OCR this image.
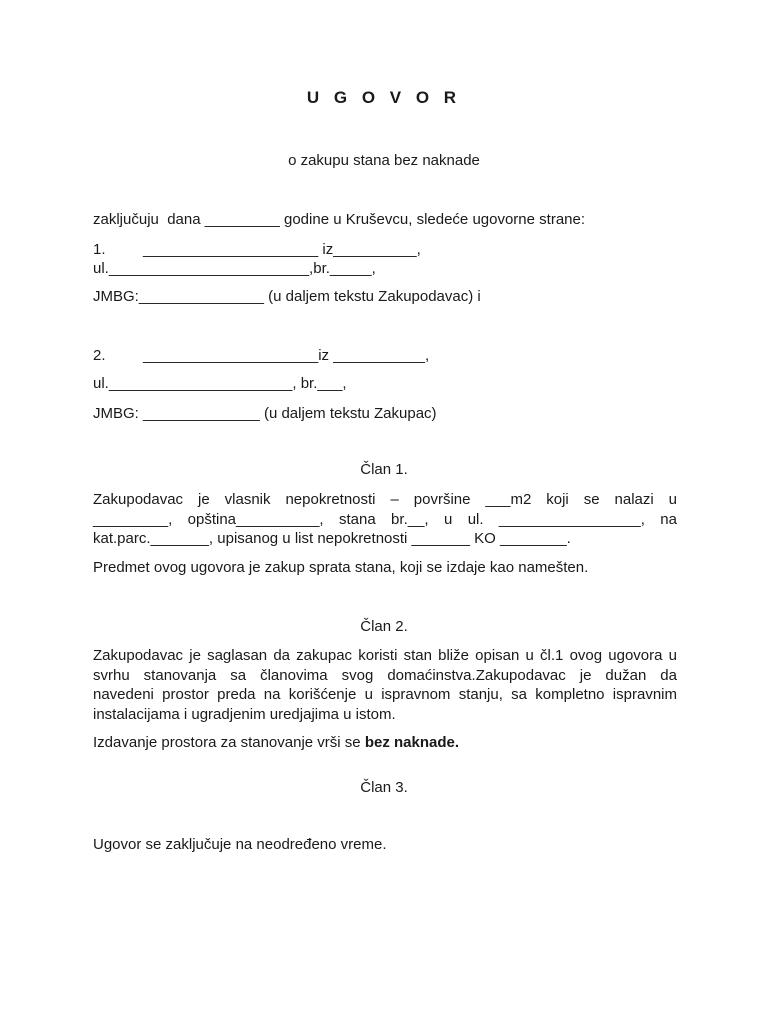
U G O V O R
o zakupu stana bez naknade
zaključuju  dana _________ godine u Kruševcu, sledeće ugovorne strane:
1.         _____________________ iz__________,
ul.________________________,br._____,
JMBG:_______________ (u daljem tekstu Zakupodavac) i
2.         _____________________iz ___________,
ul.______________________, br.___,
JMBG: ______________ (u daljem tekstu Zakupac)
Član 1.
Zakupodavac je vlasnik nepokretnosti – površine ___m2 koji se nalazi u
_________, opština__________, stana br.__, u ul. _________________, na
kat.parc._______, upisanog u list nepokretnosti _______ KO ________.
Predmet ovog ugovora je zakup sprata stana, koji se izdaje kao namešten.
Član 2.
Zakupodavac je saglasan da zakupac koristi stan bliže opisan u čl.1 ovog ugovora u
svrhu stanovanja sa članovima svog domaćinstva.Zakupodavac je dužan da
navedeni prostor preda na korišćenje u ispravnom stanju, sa kompletno ispravnim
instalacijama i ugradjenim uredjajima u istom.
Izdavanje prostora za stanovanje vrši se bez naknade.
Član 3.
Ugovor se zaključuje na neodređeno vreme.
